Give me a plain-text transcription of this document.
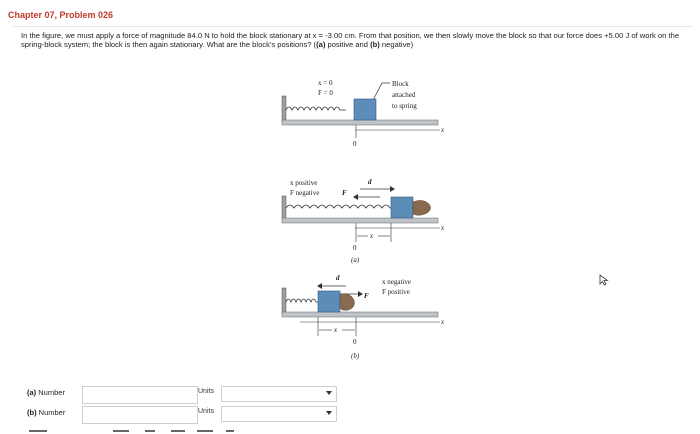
Chapter 07, Problem 026
In the figure, we must apply a force of magnitude 84.0 N to hold the block stationary at x = -3.00 cm. From that position, we then slowly move the block so that our force does +5.00 J of work on the spring-block system; the block is then again stationary. What are the block's positions? ((a) positive and (b) negative)
x = 0
F = 0
Block
attached
to spring
x
0
x positive
F negative
d
F
x
x
0
(a)
x negative
F positive
d
F
x
x
0
(b)
(a) Number	Units
(b) Number	Units
